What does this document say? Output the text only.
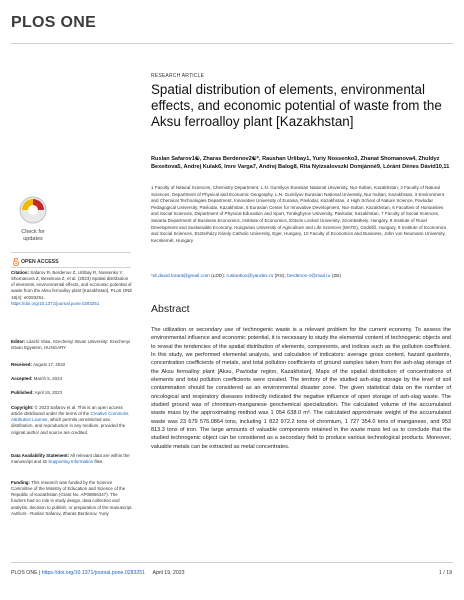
PLOS ONE
Check for
updates
OPEN ACCESS
Citation: Safarov R, Berdenov Z, Urlibay R, Nossenko Y, Shomanova Z, Bexeitova Z, et al. (2023) Spatial distribution of elements, environmental effects, and economic potential of waste from the Aksu ferroalloy plant [Kazakhstan]. PLoS ONE 18(4): e0283251. https://doi.org/10.1371/journal.pone.0283251
Editor: László Vasa, Szechenyi Istvan University: Szechenyi Istvan Egyetem, HUNGARY
Received: August 17, 2022
Accepted: March 5, 2023
Published: April 19, 2023
Copyright: © 2023 Safarov et al. This is an open access article distributed under the terms of the Creative Commons Attribution License, which permits unrestricted use, distribution, and reproduction in any medium, provided the original author and source are credited.
Data Availability Statement: All relevant data are within the manuscript and its Supporting Information files.
Funding: This research was funded by the Science Committee of the Ministry of Education and Science of the Republic of Kazakhstan (Grant No. AP08856347). The funders had no role in study design, data collection and analysis, decision to publish, or preparation of the manuscript. Authors - Ruslan Safarov, Zharas Berdenov, Yuriy
RESEARCH ARTICLE
Spatial distribution of elements, environmental effects, and economic potential of waste from the Aksu ferroalloy plant [Kazakhstan]
Ruslan Safarov1☯, Zharas Berdenov2☯*, Raushan Urlibay1, Yuriy Nossenko3, Zhanat Shomanova4, Zhuldyz Bexeitova5, Andrej Kulak6, Imre Varga7, Andrej Balog8, Rita Nyizsalovszki Domjánné9, Lóránt Dénes Dávid10,11
1 Faculty of Natural Sciences, Chemistry Department, L.N. Gumilyov Eurasian National University, Nur-Sultan, Kazakhstan, 2 Faculty of Natural Sciences, Department of Physical and Economic Geography, L.N. Gumilyov Eurasian National University, Nur-Sultan, Kazakhstan, 3 Environment and Chemical Technologies Department, Innovative University of Eurasia, Pavlodar, Kazakhstan, 4 High School of Nature Science, Pavlodar Pedagogical University, Pavlodar, Kazakhstan, 5 Eurasian Center for Innovative Development, Nur-Sultan, Kazakhstan, 6 Faculties of Humanities and Social Sciences, Department of Physical Education and Sport, Torakghyrov University, Pavlodar, Kazakhstan, 7 Faculty of Social Sciences, Savaria Department of Business Economics, Institute of Economics, Eötvös Loránd University, Szombathely, Hungary, 8 Institute of Rural Development and Sustainable Economy, Hungarian University of Agriculture and Life Sciences (MATE), Gödöllő, Hungary, 9 Institute of Economics and Social Sciences, Eszterházy Károly Catholic University, Eger, Hungary, 10 Faculty of Economics and Business, John von Neumann University, Kecskemét, Hungary
*dr.david.lorant@gmail.com (LDD); ruslanbox@yandex.ru (RS); berdenov-z@mail.ru (ZB)
Abstract
The utilization or secondary use of technogenic waste is a relevant problem for the current economy. To assess the environmental influence and economic potential, it is necessary to study the elemental content of technogenic objects and to reveal the tendencies of the spatial distribution of elements, components, and indices such as the pollution coefficient. In this study, we performed elemental analysis, and calculation of indicators: average gross content, hazard quotients, concentration coefficients of metals, and total pollution coefficients of ground samples taken from the ash-slag storage of the Aksu ferroalloy plant [Aksu, Pavlodar region, Kazakhstan]. Maps of the spatial distribution of concentrations of elements and total pollution coefficients were created. The territory of the studied ash-slag storage by the level of soil contamination should be considered as an environmental disaster zone. The given statistical data on the number of oncological and respiratory diseases indirectly indicated the negative influence of open storage of ash-slag waste. The studied ground was of chromium-manganese geochemical specialization. The calculated volume of the accumulated waste mass by the approximating method was 1 054 638.0 m³. The calculated approximate weight of the accumulated waste was 23 679 576.0864 tons, including 1 822 972.2 tons of chromium, 1 727 354.0 tons of manganese, and 953 813.3 tons of iron. The large amounts of valuable components retained in the waste mass led us to conclude that the studied technogenic object can be considered as a secondary field to produce various technological products. Moreover, valuable metals can be extracted as metal concentrates.
PLOS ONE | https://doi.org/10.1371/journal.pone.0283251 April 19, 2023	1 / 19
